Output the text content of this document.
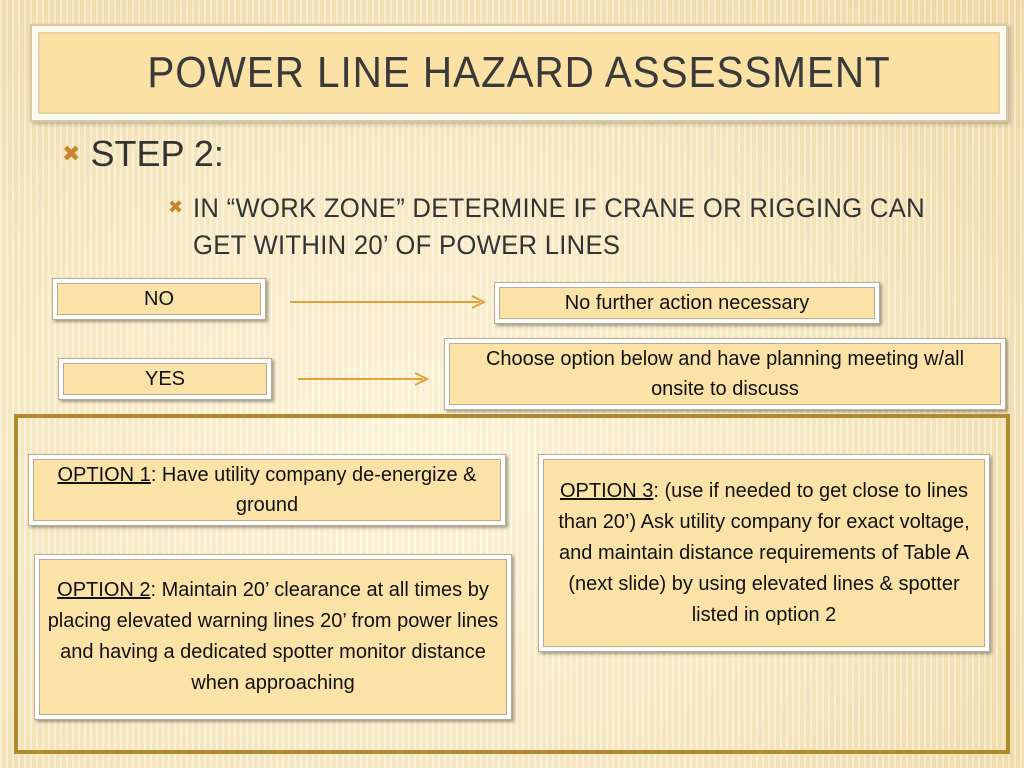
POWER LINE HAZARD ASSESSMENT
✖ STEP 2:
✖ IN “WORK ZONE” DETERMINE IF CRANE OR RIGGING CAN GET WITHIN 20’ OF POWER LINES
NO	No further action necessary
YES
Choose option below and have planning meeting w/all onsite to discuss
OPTION 1: Have utility company de-energize & ground
OPTION 2: Maintain 20’ clearance at all times by placing elevated warning lines 20’ from power lines and having a dedicated spotter monitor distance when approaching
OPTION 3: (use if needed to get close to lines than 20’) Ask utility company for exact voltage, and maintain distance requirements of Table A (next slide) by using elevated lines & spotter listed in option 2
